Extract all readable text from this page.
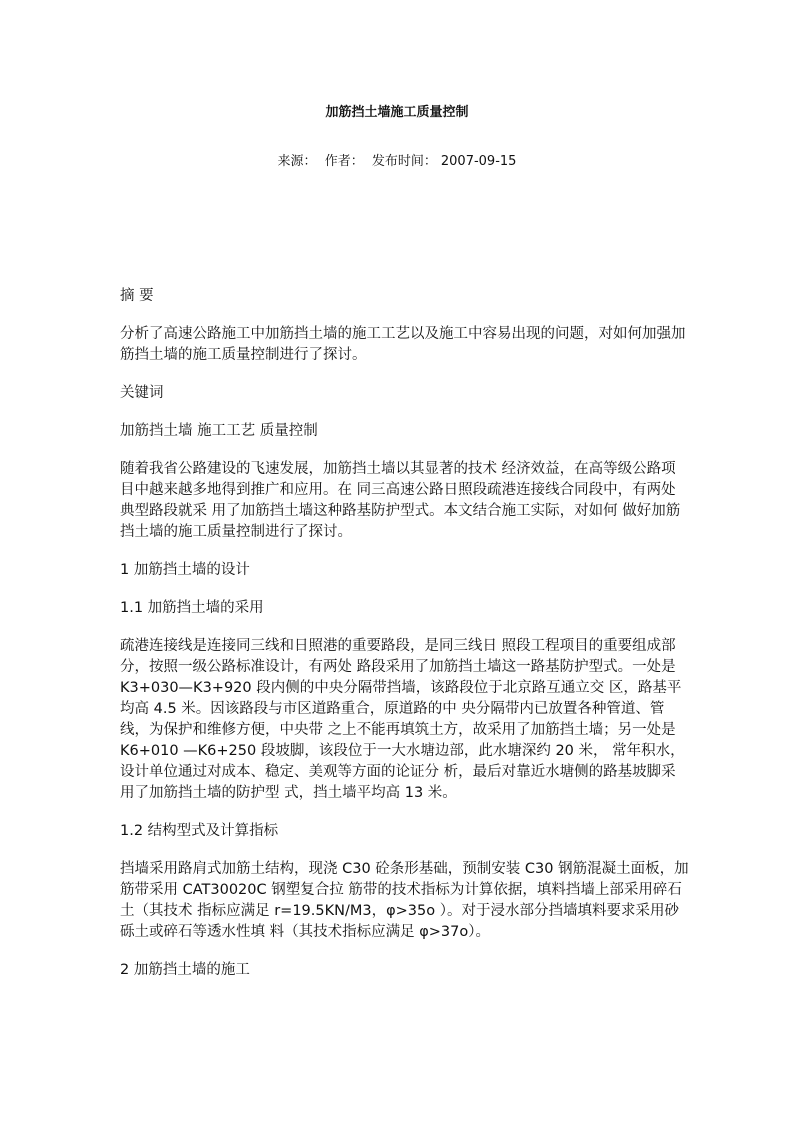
加筋挡土墙施工质量控制
来源： 作者： 发布时间： 2007-09-15

摘 要

分析了高速公路施工中加筋挡土墙的施工工艺以及施工中容易出现的问题，对如何加强加筋挡土墙的施工质量控制进行了探讨。

关键词

加筋挡土墙 施工工艺 质量控制

随着我省公路建设的飞速发展，加筋挡土墙以其显著的技术 经济效益，在高等级公路项目中越来越多地得到推广和应用。在 同三高速公路日照段疏港连接线合同段中，有两处典型路段就采 用了加筋挡土墙这种路基防护型式。本文结合施工实际，对如何 做好加筋挡土墙的施工质量控制进行了探讨。

1 加筋挡土墙的设计

1.1 加筋挡土墙的采用

疏港连接线是连接同三线和日照港的重要路段，是同三线日 照段工程项目的重要组成部分，按照一级公路标准设计，有两处 路段采用了加筋挡土墙这一路基防护型式。一处是 K3+030—K3+920 段内侧的中央分隔带挡墙，该路段位于北京路互通立交 区，路基平均高 4.5 米。因该路段与市区道路重合，原道路的中 央分隔带内已放置各种管道、管线，为保护和维修方便，中央带 之上不能再填筑土方，故采用了加筋挡土墙；另一处是 K6+010 —K6+250 段坡脚，该段位于一大水塘边部，此水塘深约 20 米， 常年积水，设计单位通过对成本、稳定、美观等方面的论证分 析，最后对靠近水塘侧的路基坡脚采用了加筋挡土墙的防护型 式，挡土墙平均高 13 米。

1.2 结构型式及计算指标

挡墙采用路肩式加筋土结构，现浇 C30 砼条形基础，预制安装 C30 钢筋混凝土面板，加筋带采用 CAT30020C 钢塑复合拉 筋带的技术指标为计算依据，填料挡墙上部采用碎石土（其技术 指标应满足 r=19.5KN/M3，φ>35o ）。对于浸水部分挡墙填料要求采用砂砾土或碎石等透水性填 料（其技术指标应满足 φ>37o）。

2 加筋挡土墙的施工
